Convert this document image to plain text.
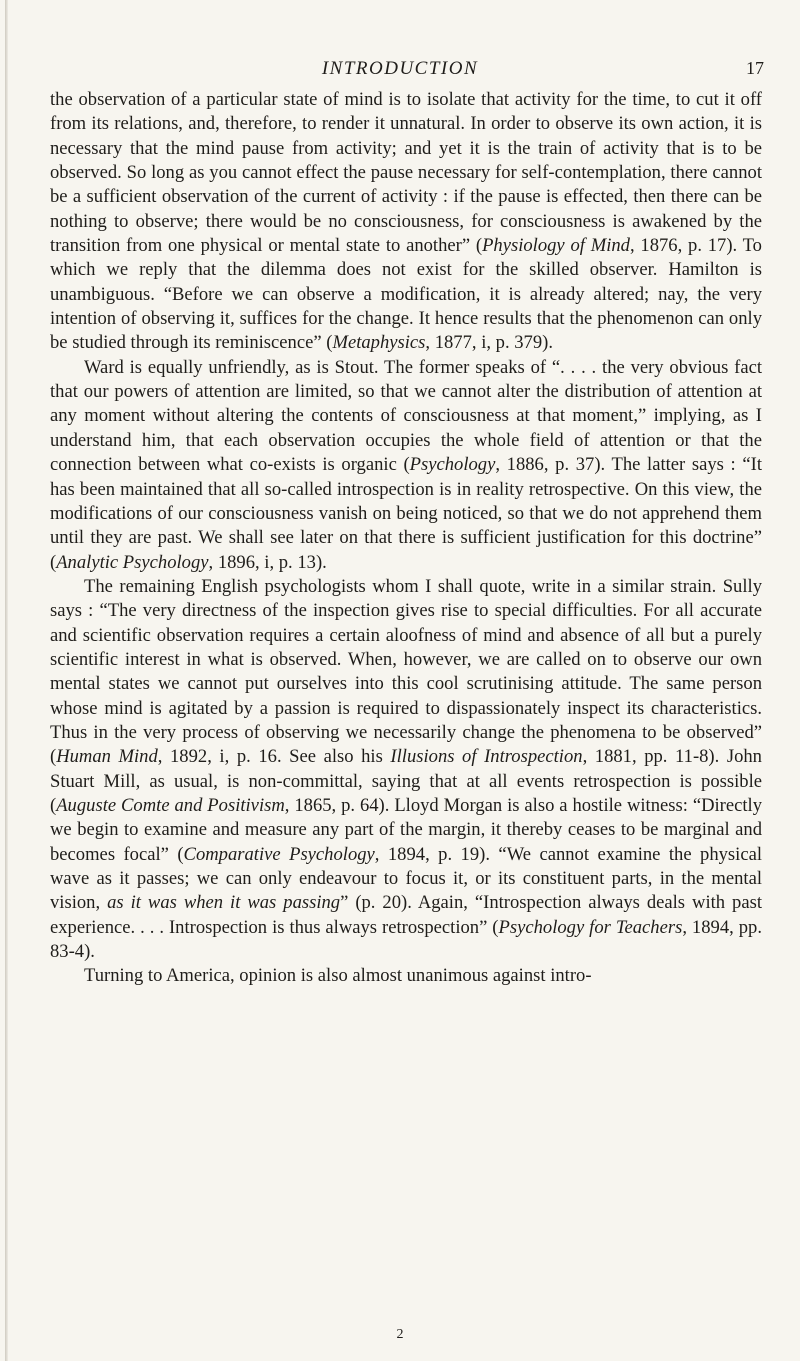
INTRODUCTION	17

the observation of a particular state of mind is to isolate that activity for the time, to cut it off from its relations, and, therefore, to render it unnatural. In order to observe its own action, it is necessary that the mind pause from activity; and yet it is the train of activity that is to be observed. So long as you cannot effect the pause necessary for self-contemplation, there cannot be a sufficient observation of the current of activity : if the pause is effected, then there can be nothing to observe; there would be no consciousness, for consciousness is awakened by the transition from one physical or mental state to another” (Physiology of Mind, 1876, p. 17). To which we reply that the dilemma does not exist for the skilled observer. Hamilton is unambiguous. “Before we can observe a modification, it is already altered; nay, the very intention of observing it, suffices for the change. It hence results that the phenomenon can only be studied through its reminiscence” (Metaphysics, 1877, i, p. 379).

Ward is equally unfriendly, as is Stout. The former speaks of “. . . . the very obvious fact that our powers of attention are limited, so that we cannot alter the distribution of attention at any moment without altering the contents of consciousness at that moment,” implying, as I understand him, that each observation occupies the whole field of attention or that the connection between what co-exists is organic (Psychology, 1886, p. 37). The latter says : “It has been maintained that all so-called introspection is in reality retrospective. On this view, the modifications of our consciousness vanish on being noticed, so that we do not apprehend them until they are past. We shall see later on that there is sufficient justification for this doctrine” (Analytic Psychology, 1896, i, p. 13).

The remaining English psychologists whom I shall quote, write in a similar strain. Sully says : “The very directness of the inspection gives rise to special difficulties. For all accurate and scientific observation requires a certain aloofness of mind and absence of all but a purely scientific interest in what is observed. When, however, we are called on to observe our own mental states we cannot put ourselves into this cool scrutinising attitude. The same person whose mind is agitated by a passion is required to dispassionately inspect its characteristics. Thus in the very process of observing we necessarily change the phenomena to be observed” (Human Mind, 1892, i, p. 16. See also his Illusions of Introspection, 1881, pp. 11-8). John Stuart Mill, as usual, is non-committal, saying that at all events retrospection is possible (Auguste Comte and Positivism, 1865, p. 64). Lloyd Morgan is also a hostile witness: “Directly we begin to examine and measure any part of the margin, it thereby ceases to be marginal and becomes focal” (Comparative Psychology, 1894, p. 19). “We cannot examine the physical wave as it passes; we can only endeavour to focus it, or its constituent parts, in the mental vision, as it was when it was passing” (p. 20). Again, “Introspection always deals with past experience. . . . Introspection is thus always retrospection” (Psychology for Teachers, 1894, pp. 83-4).

Turning to America, opinion is also almost unanimous against intro-

2
